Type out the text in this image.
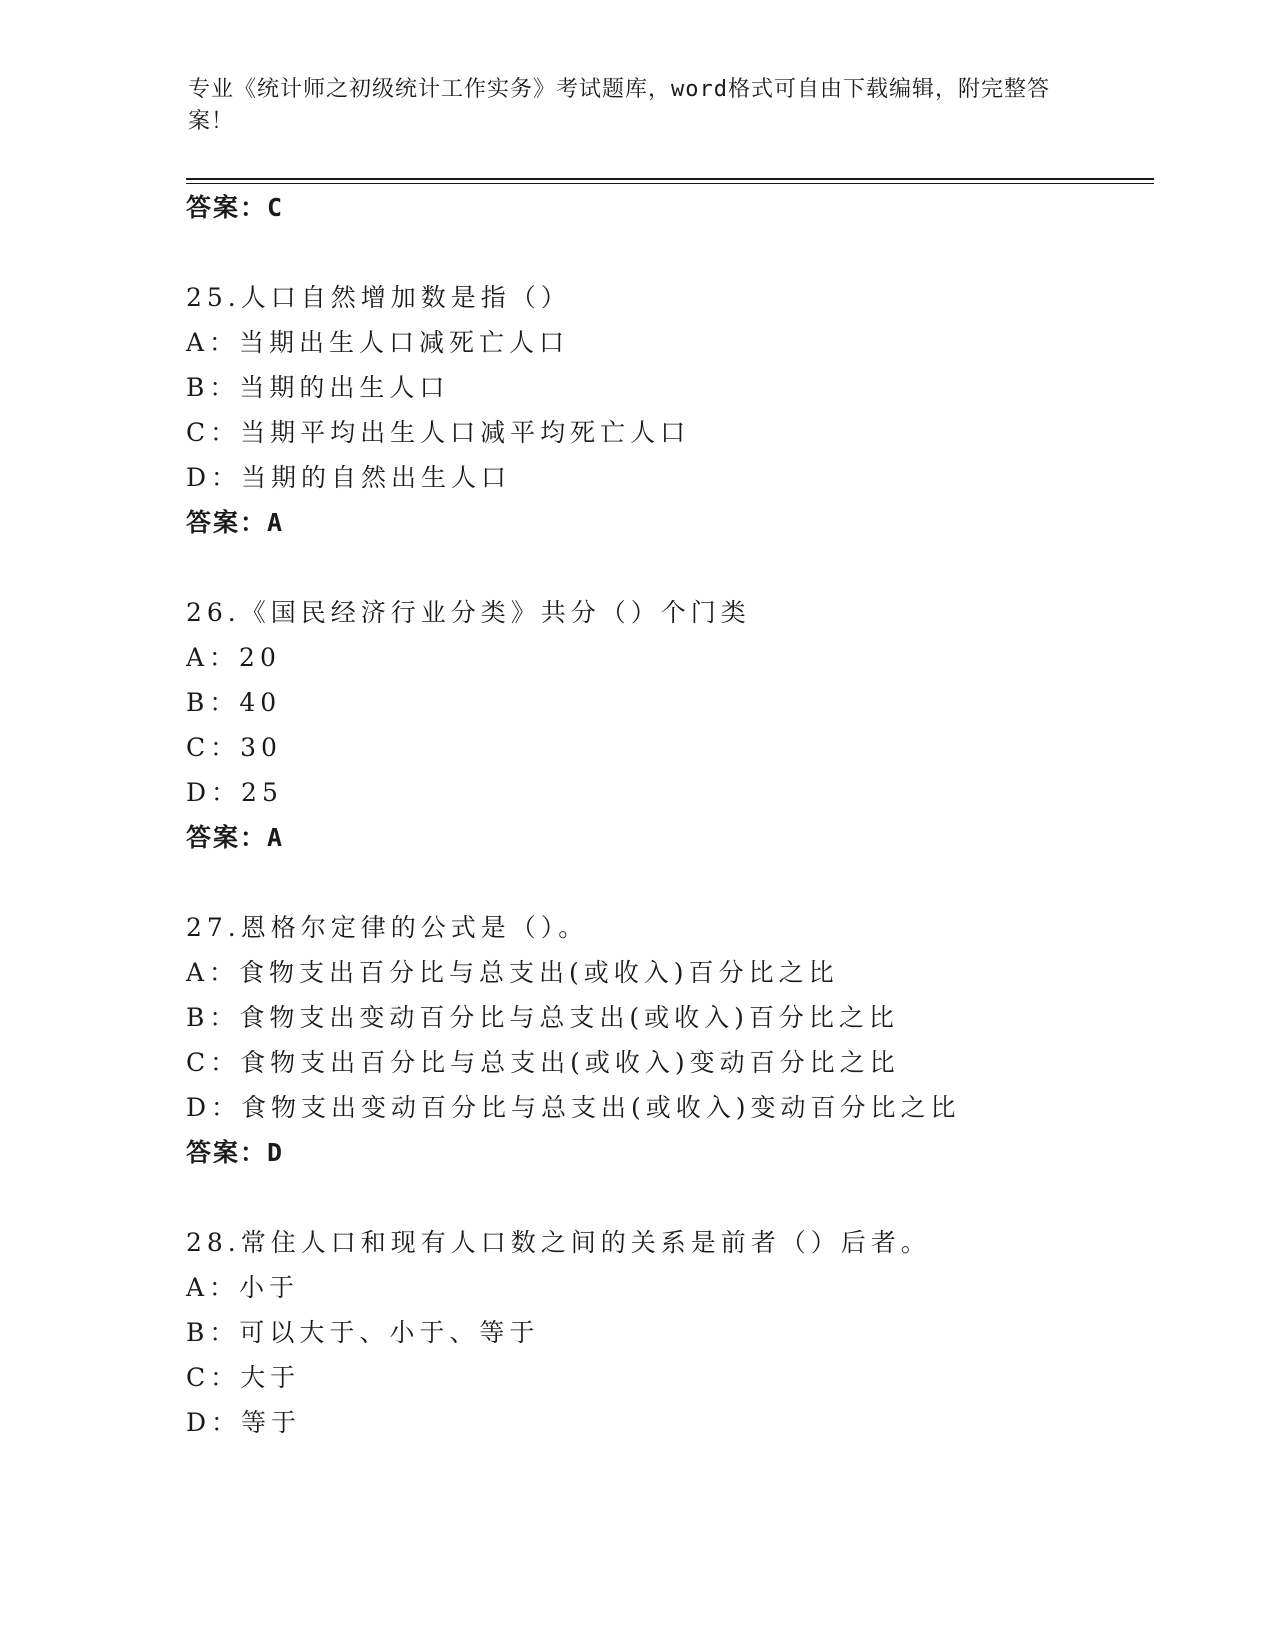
专业《统计师之初级统计工作实务》考试题库，word格式可自由下载编辑，附完整答案！
答案：C
25.人口自然增加数是指（）
A：当期出生人口减死亡人口
B：当期的出生人口
C：当期平均出生人口减平均死亡人口
D：当期的自然出生人口
答案：A
26.《国民经济行业分类》共分（）个门类
A：20
B：40
C：30
D：25
答案：A
27.恩格尔定律的公式是（）。
A：食物支出百分比与总支出(或收入)百分比之比
B：食物支出变动百分比与总支出(或收入)百分比之比
C：食物支出百分比与总支出(或收入)变动百分比之比
D：食物支出变动百分比与总支出(或收入)变动百分比之比
答案：D
28.常住人口和现有人口数之间的关系是前者（）后者。
A：小于
B：可以大于、小于、等于
C：大于
D：等于
